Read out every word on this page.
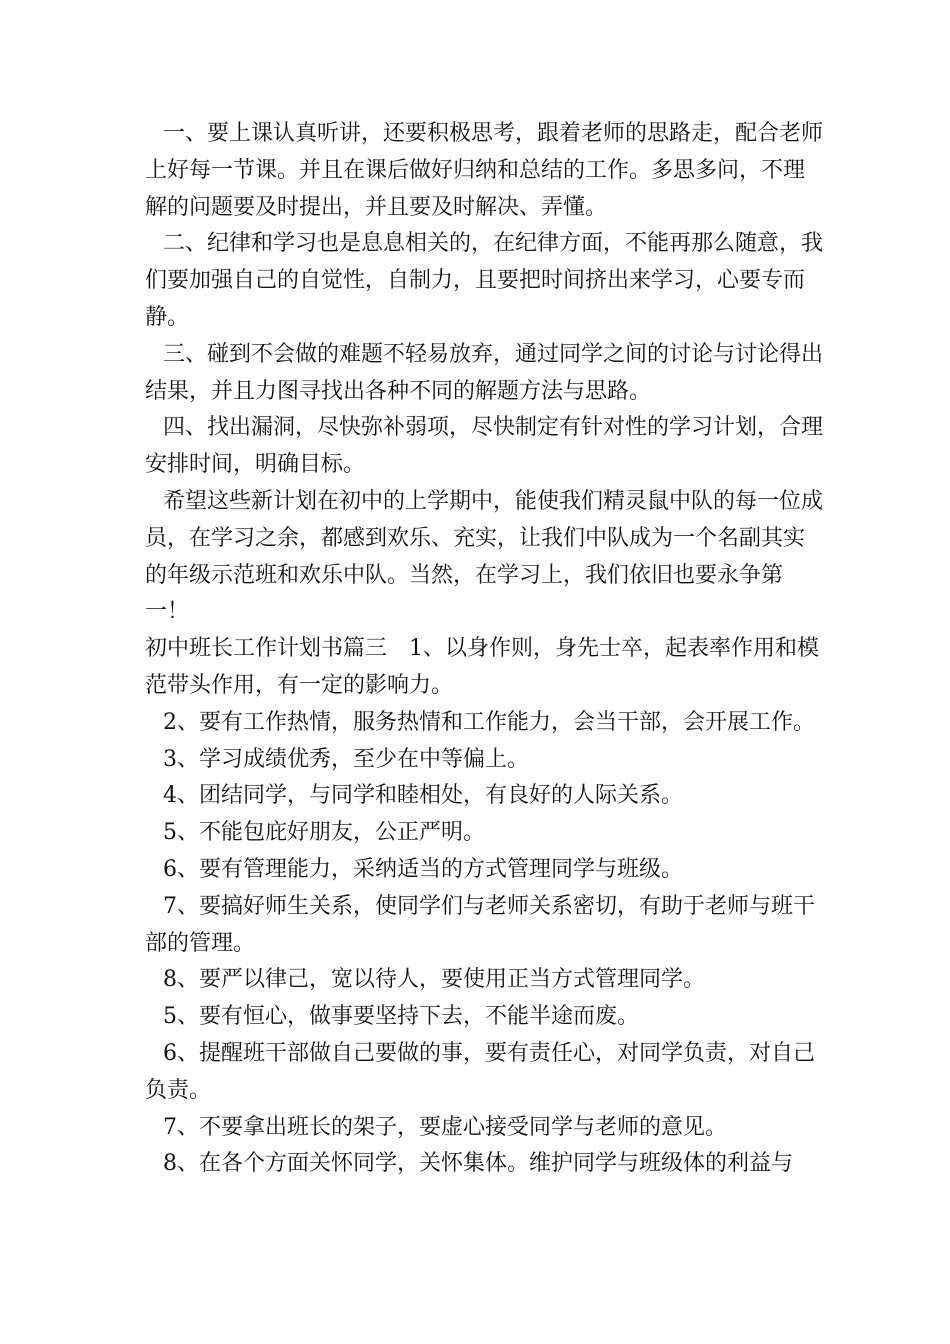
一、要上课认真听讲，还要积极思考，跟着老师的思路走，配合老师上好每一节课。并且在课后做好归纳和总结的工作。多思多问，不理解的问题要及时提出，并且要及时解决、弄懂。

二、纪律和学习也是息息相关的，在纪律方面，不能再那么随意，我们要加强自己的自觉性，自制力，且要把时间挤出来学习，心要专而静。

三、碰到不会做的难题不轻易放弃，通过同学之间的讨论与讨论得出结果，并且力图寻找出各种不同的解题方法与思路。

四、找出漏洞，尽快弥补弱项，尽快制定有针对性的学习计划，合理安排时间，明确目标。

希望这些新计划在初中的上学期中，能使我们精灵鼠中队的每一位成员，在学习之余，都感到欢乐、充实，让我们中队成为一个名副其实的年级示范班和欢乐中队。当然，在学习上，我们依旧也要永争第一！

初中班长工作计划书篇三　1、以身作则，身先士卒，起表率作用和模范带头作用，有一定的影响力。

2、要有工作热情，服务热情和工作能力，会当干部，会开展工作。

3、学习成绩优秀，至少在中等偏上。

4、团结同学，与同学和睦相处，有良好的人际关系。

5、不能包庇好朋友，公正严明。

6、要有管理能力，采纳适当的方式管理同学与班级。

7、要搞好师生关系，使同学们与老师关系密切，有助于老师与班干部的管理。

8、要严以律己，宽以待人，要使用正当方式管理同学。

5、要有恒心，做事要坚持下去，不能半途而废。

6、提醒班干部做自己要做的事，要有责任心，对同学负责，对自己负责。

7、不要拿出班长的架子，要虚心接受同学与老师的意见。

8、在各个方面关怀同学，关怀集体。维护同学与班级体的利益与
